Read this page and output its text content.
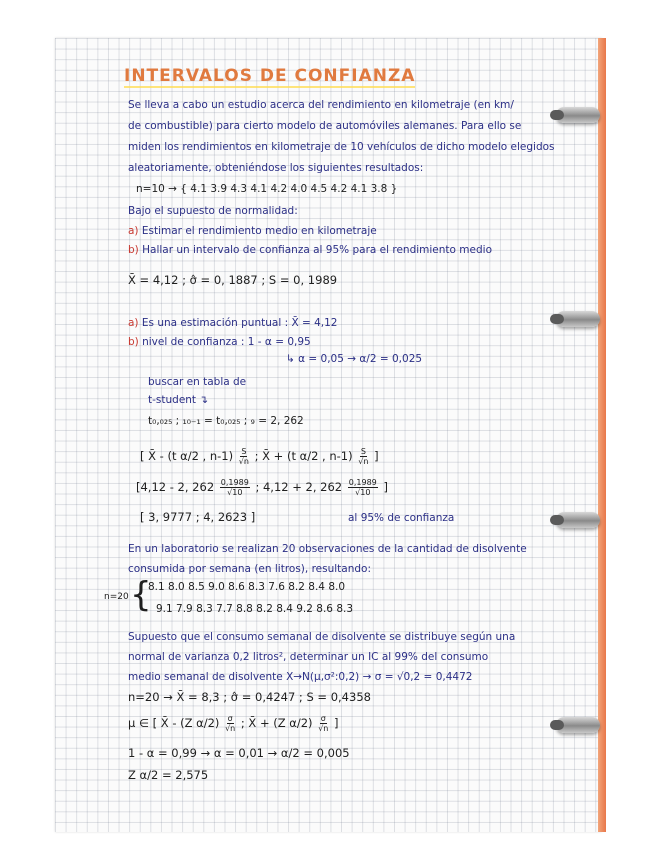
INTERVALOS DE CONFIANZA
Se lleva a cabo un estudio acerca del rendimiento en kilometraje (en km/
de combustible) para cierto modelo de automóviles alemanes. Para ello se
miden los rendimientos en kilometraje de 10 vehículos de dicho modelo elegidos
aleatoriamente, obteniéndose los siguientes resultados:
n=10 → { 4.1 3.9 4.3 4.1 4.2 4.0 4.5 4.2 4.1 3.8 }
Bajo el supuesto de normalidad:
a) Estimar el rendimiento medio en kilometraje
b) Hallar un intervalo de confianza al 95% para el rendimiento medio
X̄ = 4,12 ; σ̂ = 0, 1887 ; S = 0, 1989
a) Es una estimación puntual : X̄ = 4,12
b) nivel de confianza : 1 - α = 0,95
↳ α = 0,05 → α/2 = 0,025
buscar en tabla de
t-student ↴
t₀,₀₂₅ ; ₁₀₋₁ = t₀,₀₂₅ ; ₉ = 2, 262
[ X̄ - (t α/2 , $n-1) \frac{S}{√n}$ ; X̄ + (t α/2 , $n-1) \frac{S}{√n}$ ]
[4,12 - 2, $262 \frac{0,1989}{√10}$ ; 4,12 + 2, $262 \frac{0,1989}{√10}$ ]
[ 3, 9777 ; 4, 2623 ]	al 95% de confianza
En un laboratorio se realizan 20 observaciones de la cantidad de disolvente
consumida por semana (en litros), resultando:
n=20 {
8.1 8.0 8.5 9.0 8.6 8.3 7.6 8.2 8.4 8.0
9.1 7.9 8.3 7.7 8.8 8.2 8.4 9.2 8.6 8.3
Supuesto que el consumo semanal de disolvente se distribuye según una
normal de varianza 0,2 litros², determinar un IC al 99% del consumo
medio semanal de disolvente X→N(μ,σ²:0,2) → σ = √0,2 = 0,4472
n=20 → X̄ = 8,3 ; σ̂ = 0,4247 ; S = 0,4358
μ ∈ [ X̄ - (Z $\alpha/2) \frac{\sigma}{√n}$ ; X̄ + (Z $\alpha/2) \frac{\sigma}{√n}$ ]
1 - α = 0,99 → α = 0,01 → α/2 = 0,005
Z α/2 = 2,575
